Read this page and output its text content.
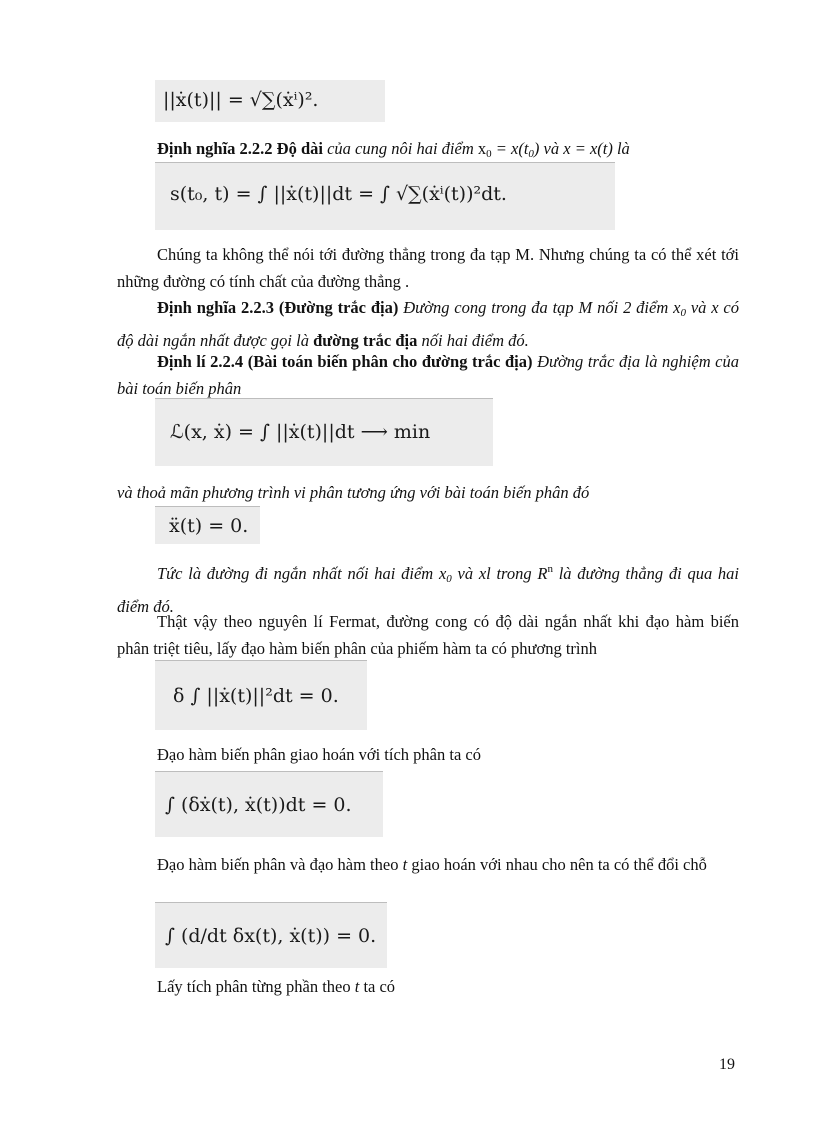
||ẋ(t)|| = √∑(ẋⁱ)².
Định nghĩa 2.2.2 Độ dài của cung nôi hai điểm $x0 = x(t_0)$ và x = x(t) là
s(t₀, t) = ∫ ||ẋ(t)||dt = ∫ √∑(ẋⁱ(t))²dt.
Chúng ta không thể nói tới đường thẳng trong đa tạp M. Nhưng chúng ta có thể xét tới những đường có tính chất của đường thẳng .
Định nghĩa 2.2.3 (Đường trắc địa) Đường cong trong đa tạp M nối 2 điểm $x_0$ và x có độ dài ngắn nhất được gọi là đường trắc địa nối hai điểm đó.
Định lí 2.2.4 (Bài toán biến phân cho đường trắc địa) Đường trắc địa là nghiệm của bài toán biến phân
ℒ(x, ẋ) = ∫ ||ẋ(t)||dt ⟶ min
và thoả mãn phương trình vi phân tương ứng với bài toán biến phân đó
ẍ(t) = 0.
Tức là đường đi ngắn nhất nối hai điểm $x_0$ và xl trong $R^n$ là đường thẳng đi qua hai điểm đó.
Thật vậy theo nguyên lí Fermat, đường cong có độ dài ngắn nhất khi đạo hàm biến phân triệt tiêu, lấy đạo hàm biến phân của phiếm hàm ta có phương trình
δ ∫ ||ẋ(t)||²dt = 0.
Đạo hàm biến phân giao hoán với tích phân ta có
∫ (δẋ(t), ẋ(t))dt = 0.
Đạo hàm biến phân và đạo hàm theo t giao hoán với nhau cho nên ta có thể đổi chỗ
∫ (d/dt δx(t), ẋ(t)) = 0.
Lấy tích phân từng phần theo t ta có
19
